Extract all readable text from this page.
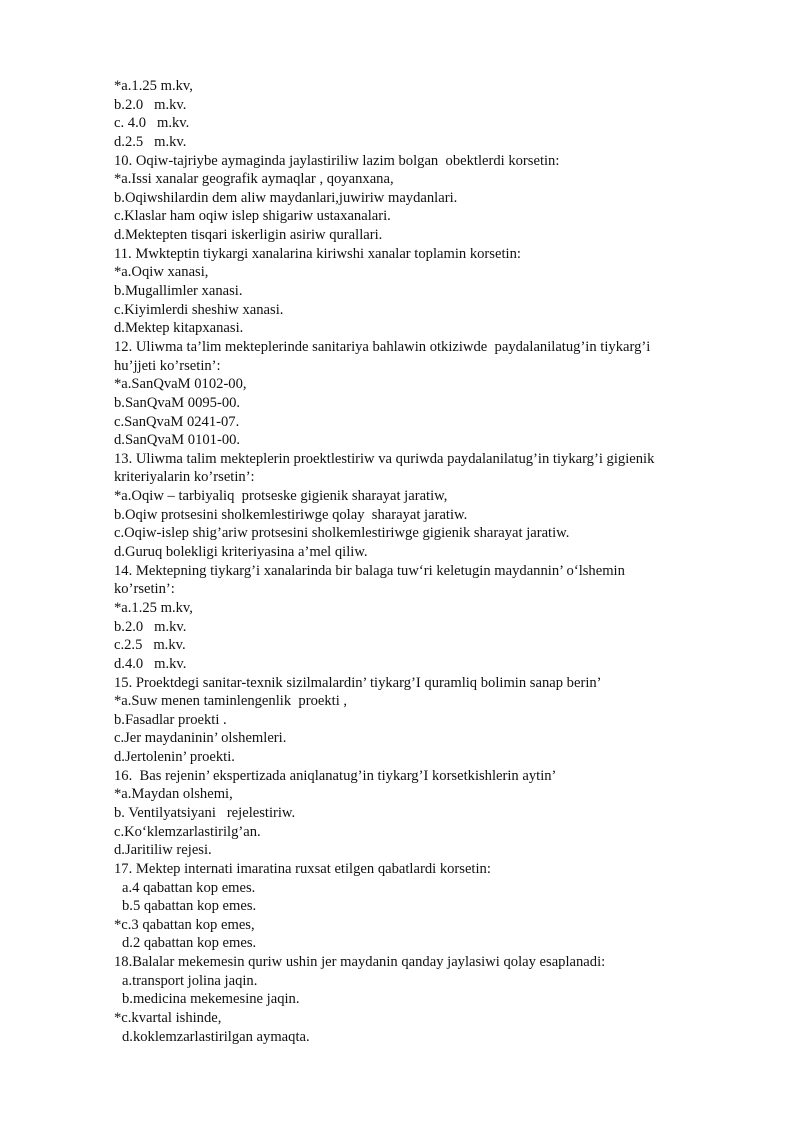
*a.1.25 m.kv,
b.2.0   m.kv.
c. 4.0   m.kv.
d.2.5   m.kv.
10. Oqiw-tajriybe aymaginda jaylastiriliw lazim bolgan  obektlerdi korsetin:
*a.Issi xanalar geografik aymaqlar , qoyanxana,
b.Oqiwshilardin dem aliw maydanlari,juwiriw maydanlari.
c.Klaslar ham oqiw islep shigariw ustaxanalari.
d.Mektepten tisqari iskerligin asiriw qurallari.
11. Mwkteptin tiykargi xanalarina kiriwshi xanalar toplamin korsetin:
*a.Oqiw xanasi,
b.Mugallimler xanasi.
c.Kiyimlerdi sheshiw xanasi.
d.Mektep kitapxanasi.
12. Uliwma ta’lim mekteplerinde sanitariya bahlawin otkiziwde  paydalanilatug’in tiykarg’i
hu’jjeti ko’rsetin’:
*a.SanQvaM 0102-00,
b.SanQvaM 0095-00.
c.SanQvaM 0241-07.
d.SanQvaM 0101-00.
13. Uliwma talim mekteplerin proektlestiriw va quriwda paydalanilatug’in tiykarg’i gigienik
kriteriyalarin ko’rsetin’:
*a.Oqiw – tarbiyaliq  protseske gigienik sharayat jaratiw,
b.Oqiw protsesini sholkemlestiriwge qolay  sharayat jaratiw.
c.Oqiw-islep shig’ariw protsesini sholkemlestiriwge gigienik sharayat jaratiw.
d.Guruq bolekligi kriteriyasina a’mel qiliw.
14. Mektepning tiykarg’i xanalarinda bir balaga tuw‘ri keletugin maydannin’ o‘lshemin
ko’rsetin’:
*a.1.25 m.kv,
b.2.0   m.kv.
c.2.5   m.kv.
d.4.0   m.kv.
15. Proektdegi sanitar-texnik sizilmalardin’ tiykarg’I quramliq bolimin sanap berin’
*a.Suw menen taminlengenlik  proekti ,
b.Fasadlar proekti .
c.Jer maydaninin’ olshemleri.
d.Jertolenin’ proekti.
16.  Bas rejenin’ ekspertizada aniqlanatug’in tiykarg’I korsetkishlerin aytin’
*a.Maydan olshemi,
b. Ventilyatsiyani   rejelestiriw.
c.Ko‘klemzarlastirilg’an.
d.Jaritiliw rejesi.
17. Mektep internati imaratina ruxsat etilgen qabatlardi korsetin:
a.4 qabattan kop emes.
b.5 qabattan kop emes.
*c.3 qabattan kop emes,
d.2 qabattan kop emes.
18.Balalar mekemesin quriw ushin jer maydanin qanday jaylasiwi qolay esaplanadi:
a.transport jolina jaqin.
b.medicina mekemesine jaqin.
*c.kvartal ishinde,
d.koklemzarlastirilgan aymaqta.
